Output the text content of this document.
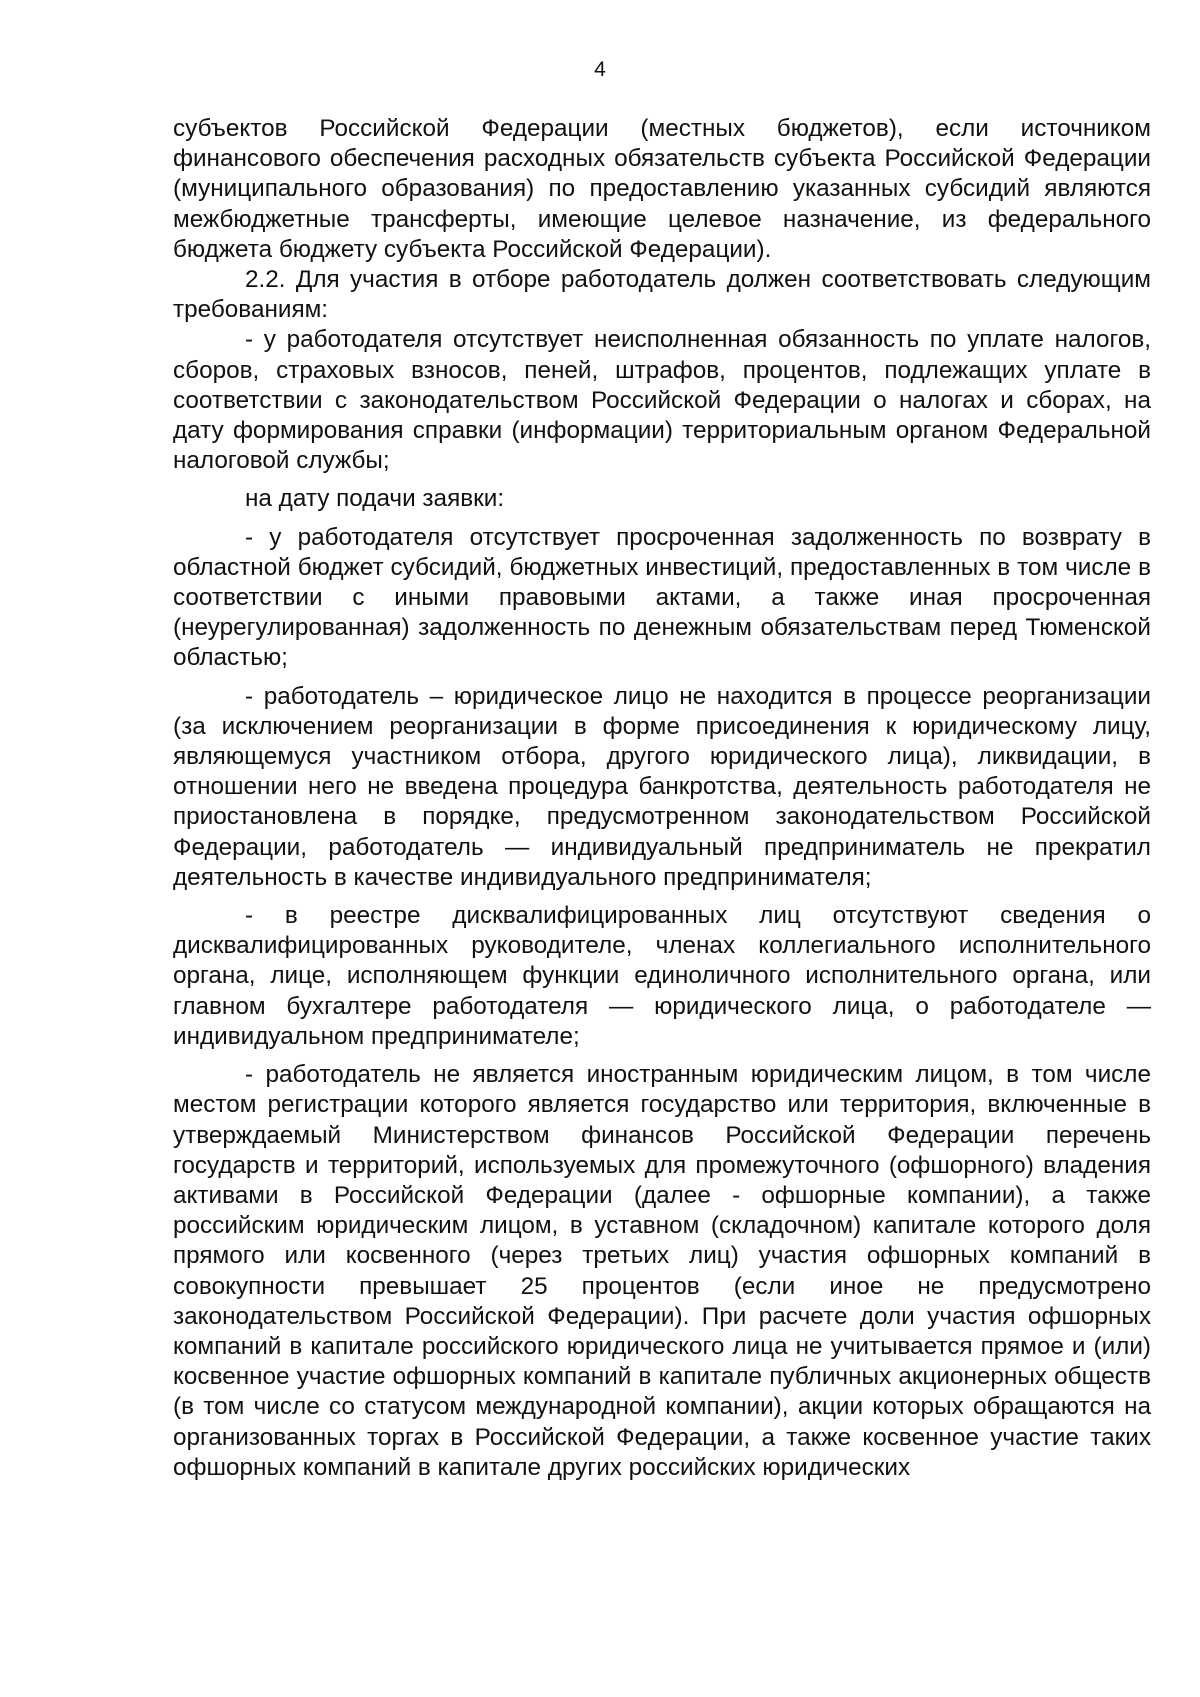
4

субъектов Российской Федерации (местных бюджетов), если источником финансового обеспечения расходных обязательств субъекта Российской Федерации (муниципального образования) по предоставлению указанных субсидий являются межбюджетные трансферты, имеющие целевое назначение, из федерального бюджета бюджету субъекта Российской Федерации).

2.2. Для участия в отборе работодатель должен соответствовать следующим требованиям:

- у работодателя отсутствует неисполненная обязанность по уплате налогов, сборов, страховых взносов, пеней, штрафов, процентов, подлежащих уплате в соответствии с законодательством Российской Федерации о налогах и сборах, на дату формирования справки (информации) территориальным органом Федеральной налоговой службы;

на дату подачи заявки:

- у работодателя отсутствует просроченная задолженность по возврату в областной бюджет субсидий, бюджетных инвестиций, предоставленных в том числе в соответствии с иными правовыми актами, а также иная просроченная (неурегулированная) задолженность по денежным обязательствам перед Тюменской областью;

- работодатель – юридическое лицо не находится в процессе реорганизации (за исключением реорганизации в форме присоединения к юридическому лицу, являющемуся участником отбора, другого юридического лица), ликвидации, в отношении него не введена процедура банкротства, деятельность работодателя не приостановлена в порядке, предусмотренном законодательством Российской Федерации, работодатель — индивидуальный предприниматель не прекратил деятельность в качестве индивидуального предпринимателя;

- в реестре дисквалифицированных лиц отсутствуют сведения о дисквалифицированных руководителе, членах коллегиального исполнительного органа, лице, исполняющем функции единоличного исполнительного органа, или главном бухгалтере работодателя — юридического лица, о работодателе — индивидуальном предпринимателе;

- работодатель не является иностранным юридическим лицом, в том числе местом регистрации которого является государство или территория, включенные в утверждаемый Министерством финансов Российской Федерации перечень государств и территорий, используемых для промежуточного (офшорного) владения активами в Российской Федерации (далее - офшорные компании), а также российским юридическим лицом, в уставном (складочном) капитале которого доля прямого или косвенного (через третьих лиц) участия офшорных компаний в совокупности превышает 25 процентов (если иное не предусмотрено законодательством Российской Федерации). При расчете доли участия офшорных компаний в капитале российского юридического лица не учитывается прямое и (или) косвенное участие офшорных компаний в капитале публичных акционерных обществ (в том числе со статусом международной компании), акции которых обращаются на организованных торгах в Российской Федерации, а также косвенное участие таких офшорных компаний в капитале других российских юридических
